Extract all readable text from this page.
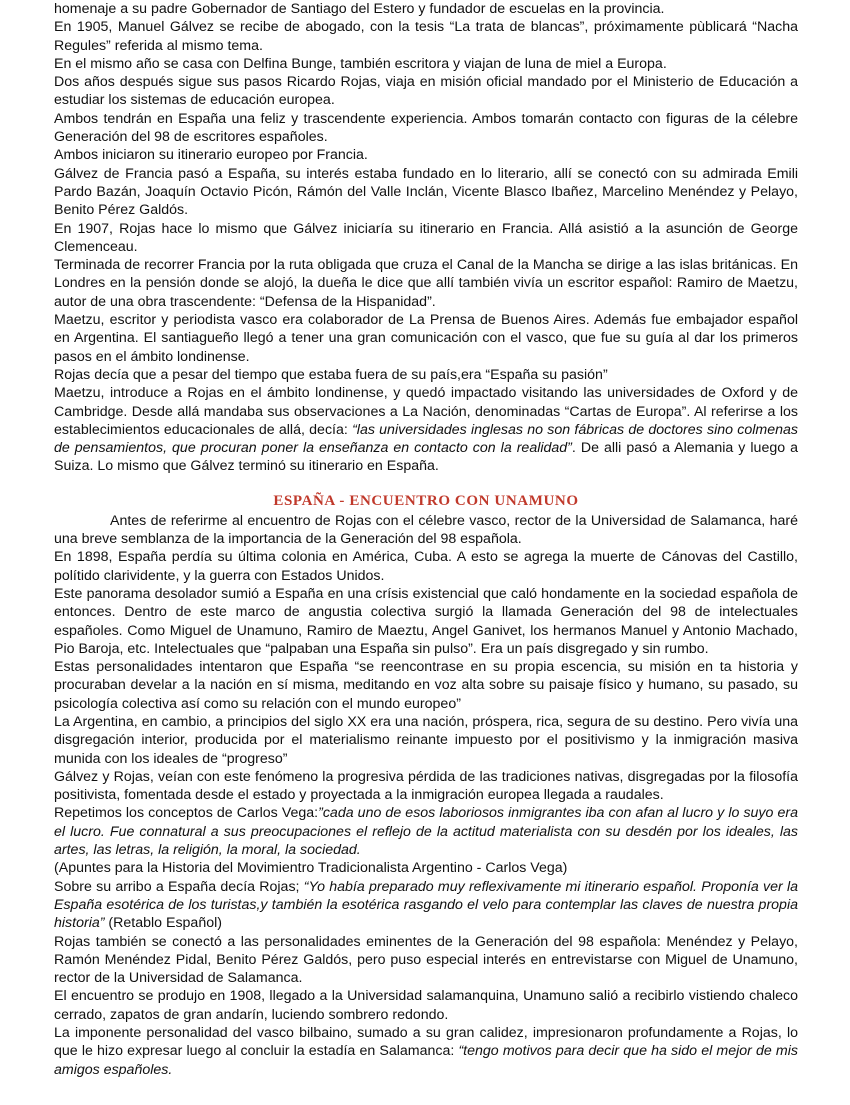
homenaje a su padre Gobernador de Santiago del Estero y fundador de escuelas en la provincia.

En 1905, Manuel Gálvez se recibe de abogado, con la tesis “La trata de blancas”, próximamente pùblicará “Nacha Regules” referida al mismo tema.

En el mismo año se casa con Delfina Bunge, también escritora y viajan de luna de miel a Europa.

Dos años después sigue sus pasos Ricardo Rojas, viaja en misión oficial mandado por el Ministerio de Educación a estudiar los sistemas de educación europea.

Ambos tendrán en España una feliz y trascendente experiencia. Ambos tomarán contacto con figuras de la célebre Generación del 98 de escritores españoles.

Ambos iniciaron su itinerario europeo por Francia.

Gálvez de Francia pasó a España, su interés estaba fundado en lo literario, allí se conectó con su admirada Emili Pardo Bazán, Joaquín Octavio Picón, Rámón del Valle Inclán, Vicente Blasco Ibañez, Marcelino Menéndez y Pelayo, Benito Pérez Galdós.

En 1907, Rojas hace lo mismo que Gálvez iniciaría su itinerario en Francia. Allá asistió a la asunción de George Clemenceau.

Terminada de recorrer Francia por la ruta obligada que cruza el Canal de la Mancha se dirige a las islas británicas. En Londres en la pensión donde se alojó, la dueña le dice que allí también vivía un escritor español: Ramiro de Maetzu, autor de una obra trascendente: “Defensa de la Hispanidad”.

Maetzu, escritor y periodista vasco era colaborador de La Prensa de Buenos Aires. Además fue embajador español en Argentina. El santiagueño llegó a tener una gran comunicación con el vasco, que fue su guía al dar los primeros pasos en el ámbito londinense.

Rojas decía que a pesar del tiempo que estaba fuera de su país,era “España su pasión”

Maetzu, introduce a Rojas en el ámbito londinense, y quedó impactado visitando las universidades de Oxford y de Cambridge. Desde allá mandaba sus observaciones a La Nación, denominadas “Cartas de Europa”. Al referirse a los establecimientos educacionales de allá, decía: “las universidades inglesas no son fábricas de doctores sino colmenas de pensamientos, que procuran poner la enseñanza en contacto con la realidad”. De alli pasó a Alemania y luego a Suiza. Lo mismo que Gálvez terminó su itinerario en España.

ESPAÑA - ENCUENTRO CON UNAMUNO

Antes de referirme al encuentro de Rojas con el célebre vasco, rector de la Universidad de Salamanca, haré una breve semblanza de la importancia de la Generación del 98 española.

En 1898, España perdía su última colonia en América, Cuba. A esto se agrega la muerte de Cánovas del Castillo, polítido clarividente, y la guerra con Estados Unidos.

Este panorama desolador sumió a España en una crísis existencial que caló hondamente en la sociedad española de entonces. Dentro de este marco de angustia colectiva surgió la llamada Generación del 98 de intelectuales españoles. Como Miguel de Unamuno, Ramiro de Maeztu, Angel Ganivet, los hermanos Manuel y Antonio Machado, Pio Baroja, etc. Intelectuales que “palpaban una España sin pulso”. Era un país disgregado y sin rumbo.

Estas personalidades intentaron que España “se reencontrase en su propia escencia, su misión en ta historia y procuraban develar a la nación en sí misma, meditando en voz alta sobre su paisaje físico y humano, su pasado, su psicología colectiva así como su relación con el mundo europeo”

La Argentina, en cambio, a principios del siglo XX era una nación, próspera, rica, segura de su destino. Pero vivía una disgregación interior, producida por el materialismo reinante impuesto por el positivismo y la inmigración masiva munida con los ideales de “progreso”

Gálvez y Rojas, veían con este fenómeno la progresiva pérdida de las tradiciones nativas, disgregadas por la filosofía positivista, fomentada desde el estado y proyectada a la inmigración europea llegada a raudales.

Repetimos los conceptos de Carlos Vega:”cada uno de esos laboriosos inmigrantes iba con afan al lucro y lo suyo era el lucro. Fue connatural a sus preocupaciones el reflejo de la actitud materialista con su desdén por los ideales, las artes, las letras, la religión, la moral, la sociedad.

(Apuntes para la Historia del Movimientro Tradicionalista Argentino - Carlos Vega)

Sobre su arribo a España decía Rojas; “Yo había preparado muy reflexivamente mi itinerario español. Proponía ver la España esotérica de los turistas,y también la esotérica rasgando el velo para contemplar las claves de nuestra propia historia” (Retablo Español)

Rojas también se conectó a las personalidades eminentes de la Generación del 98 española: Menéndez y Pelayo, Ramón Menéndez Pidal, Benito Pérez Galdós, pero puso especial interés en entrevistarse con Miguel de Unamuno, rector de la Universidad de Salamanca.

El encuentro se produjo en 1908, llegado a la Universidad salamanquina, Unamuno salió a recibirlo vistiendo chaleco cerrado, zapatos de gran andarín, luciendo sombrero redondo.

La imponente personalidad del vasco bilbaino, sumado a su gran calidez, impresionaron profundamente a Rojas, lo que le hizo expresar luego al concluir la estadía en Salamanca: “tengo motivos para decir que ha sido el mejor de mis amigos españoles.
